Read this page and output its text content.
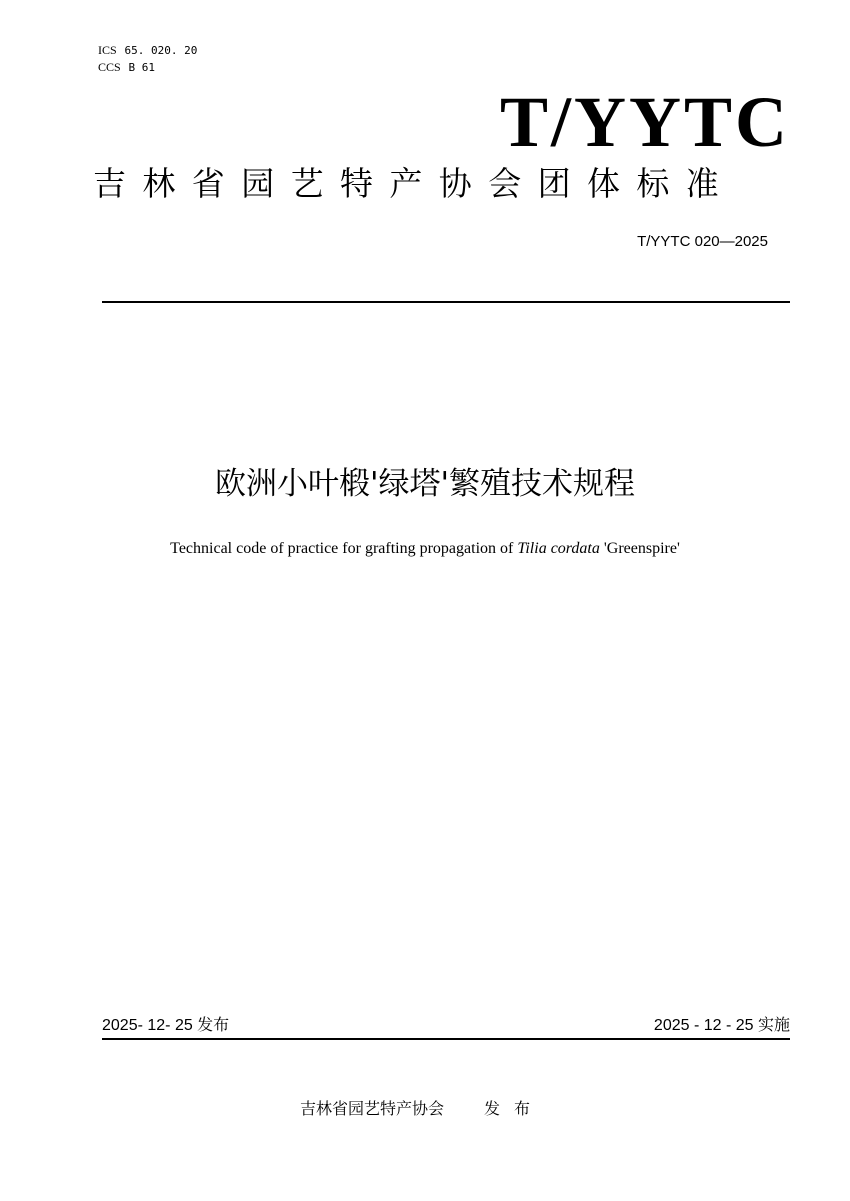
ICS 65. 020. 20
CCS B 61
T/YYTC
吉林省园艺特产协会团体标准
T/YYTC 020—2025
欧洲小叶椴'绿塔'繁殖技术规程
Technical code of practice for grafting propagation of Tilia cordata 'Greenspire'
2025- 12- 25 发布	2025 - 12 - 25 实施
吉林省园艺特产协会	发布
